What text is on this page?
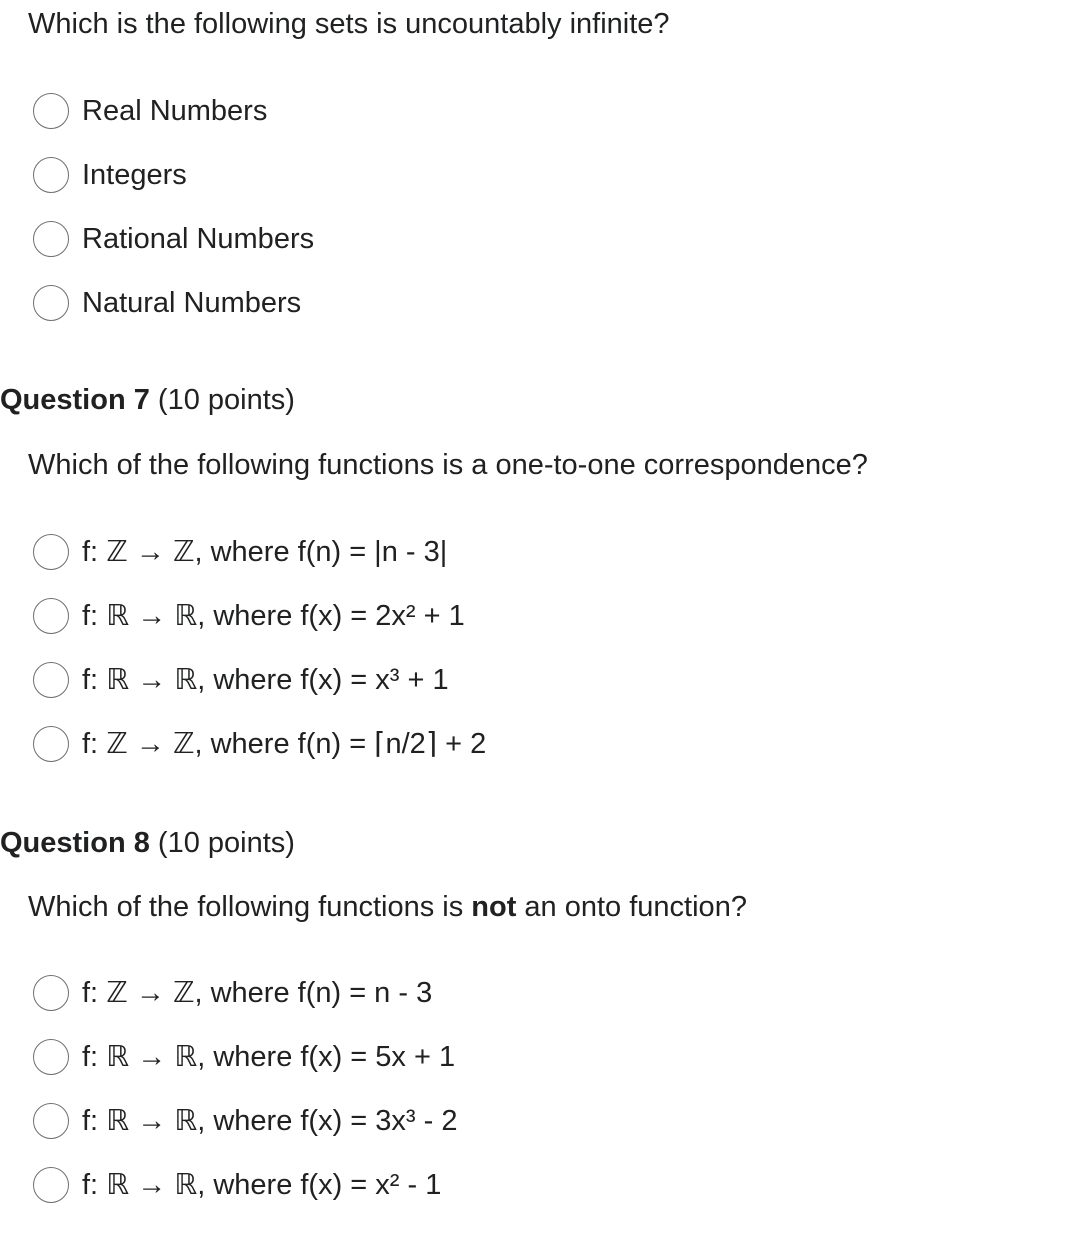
Which is the following sets is uncountably infinite?
Real Numbers
Integers
Rational Numbers
Natural Numbers
Question 7 (10 points)
Which of the following functions is a one-to-one correspondence?
f: ℤ → ℤ, where f(n) = |n - 3|
f: ℝ → ℝ, where f(x) = 2x² + 1
f: ℝ → ℝ, where f(x) = x³ + 1
f: ℤ → ℤ, where f(n) = ⌈n/2⌉ + 2
Question 8 (10 points)
Which of the following functions is not an onto function?
f: ℤ → ℤ, where f(n) = n - 3
f: ℝ → ℝ, where f(x) = 5x + 1
f: ℝ → ℝ, where f(x) = 3x³ - 2
f: ℝ → ℝ, where f(x) = x² - 1
